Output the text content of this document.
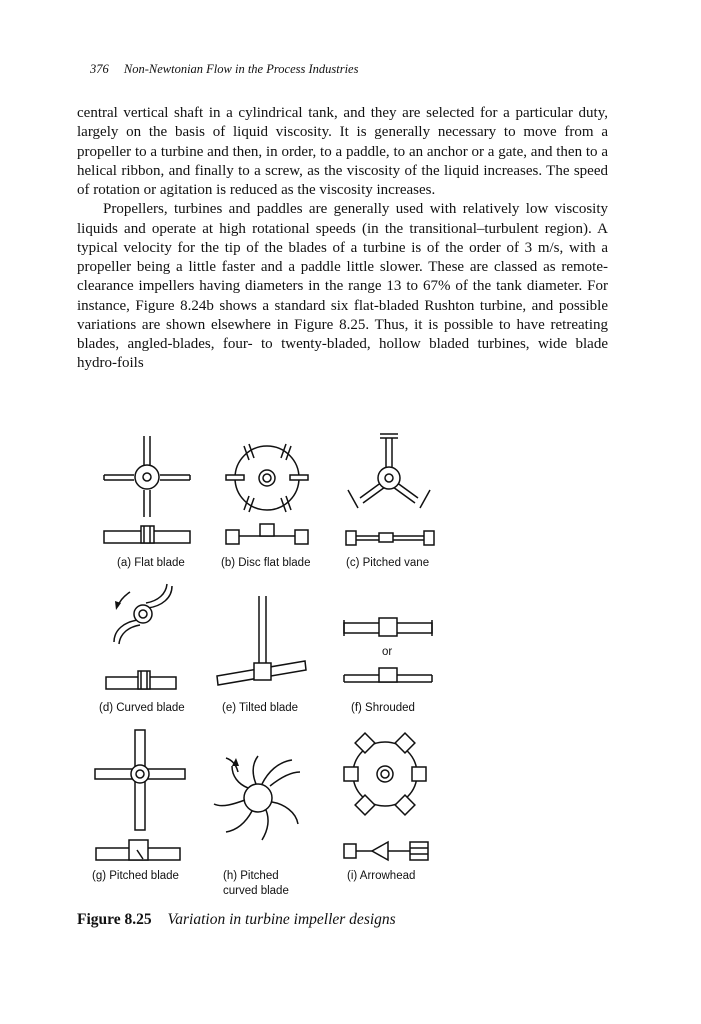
376 Non-Newtonian Flow in the Process Industries

central vertical shaft in a cylindrical tank, and they are selected for a particular duty, largely on the basis of liquid viscosity. It is generally necessary to move from a propeller to a turbine and then, in order, to a paddle, to an anchor or a gate, and then to a helical ribbon, and finally to a screw, as the viscosity of the liquid increases. The speed of rotation or agitation is reduced as the viscosity increases.

Propellers, turbines and paddles are generally used with relatively low viscosity liquids and operate at high rotational speeds (in the transitional–turbulent region). A typical velocity for the tip of the blades of a turbine is of the order of 3 m/s, with a propeller being a little faster and a paddle little slower. These are classed as remote-clearance impellers having diameters in the range 13 to 67% of the tank diameter. For instance, Figure 8.24b shows a standard six flat-bladed Rushton turbine, and possible variations are shown elsewhere in Figure 8.25. Thus, it is possible to have retreating blades, angled-blades, four- to twenty-bladed, hollow bladed turbines, wide blade hydro-foils

(a) Flat blade	(b) Disc flat blade	(c) Pitched vane
(d) Curved blade	(e) Tilted blade
or
(f) Shrouded
(g) Pitched blade	(h) Pitched
curved blade
(i) Arrowhead
Figure 8.25 Variation in turbine impeller designs
